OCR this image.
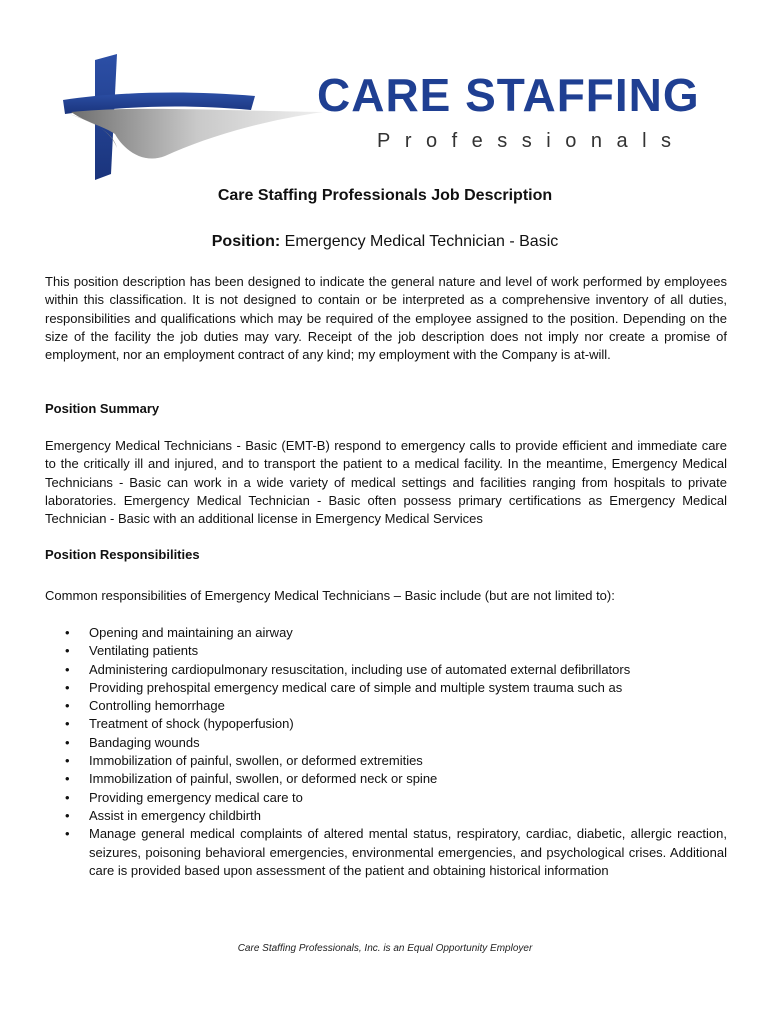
CARE STAFFING
Professionals
Care Staffing Professionals Job Description
Position: Emergency Medical Technician - Basic

This position description has been designed to indicate the general nature and level of work performed by employees within this classification. It is not designed to contain or be interpreted as a comprehensive inventory of all duties, responsibilities and qualifications which may be required of the employee assigned to the position. Depending on the size of the facility the job duties may vary. Receipt of the job description does not imply nor create a promise of employment, nor an employment contract of any kind; my employment with the Company is at-will.

Position Summary

Emergency Medical Technicians - Basic (EMT-B) respond to emergency calls to provide efficient and immediate care to the critically ill and injured, and to transport the patient to a medical facility. In the meantime, Emergency Medical Technicians - Basic can work in a wide variety of medical settings and facilities ranging from hospitals to private laboratories. Emergency Medical Technician - Basic often possess primary certifications as Emergency Medical Technician - Basic with an additional license in Emergency Medical Services

Position Responsibilities

Common responsibilities of Emergency Medical Technicians – Basic include (but are not limited to):

• Opening and maintaining an airway
• Ventilating patients
• Administering cardiopulmonary resuscitation, including use of automated external defibrillators
• Providing prehospital emergency medical care of simple and multiple system trauma such as
• Controlling hemorrhage
• Treatment of shock (hypoperfusion)
• Bandaging wounds
• Immobilization of painful, swollen, or deformed extremities
• Immobilization of painful, swollen, or deformed neck or spine
• Providing emergency medical care to
• Assist in emergency childbirth
• Manage general medical complaints of altered mental status, respiratory, cardiac, diabetic, allergic reaction, seizures, poisoning behavioral emergencies, environmental emergencies, and psychological crises. Additional care is provided based upon assessment of the patient and obtaining historical information
Care Staffing Professionals, Inc. is an Equal Opportunity Employer
